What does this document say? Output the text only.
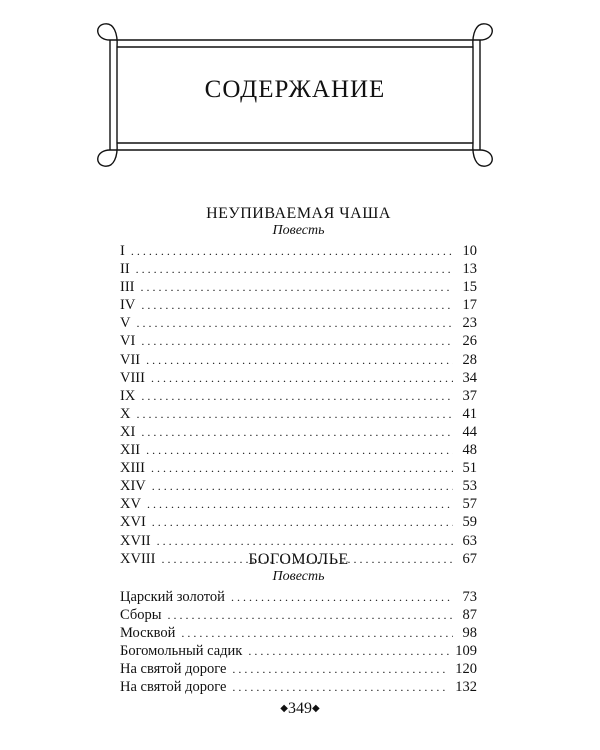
СОДЕРЖАНИЕ
НЕУПИВАЕМАЯ ЧАША
Повесть
I . . .	10
II . . .	13
III . . .	15
IV . . .	17
V . . .	23
VI . . .	26
VII . . .	28
VIII . . .	34
IX . . .	37
X . . .	41
XI . . .	44
XII . . .	48
XIII . . .	51
XIV . . .	53
XV . . .	57
XVI . . .	59
XVII . . .	63
XVIII . . .	67
БОГОМОЛЬЕ
Повесть
Царский золотой . . .	73
Сборы . . .	87
Москвой . . .	98
Богомольный садик . . .	109
На святой дороге . . .	120
На святой дороге . . .	132
◆349◆
